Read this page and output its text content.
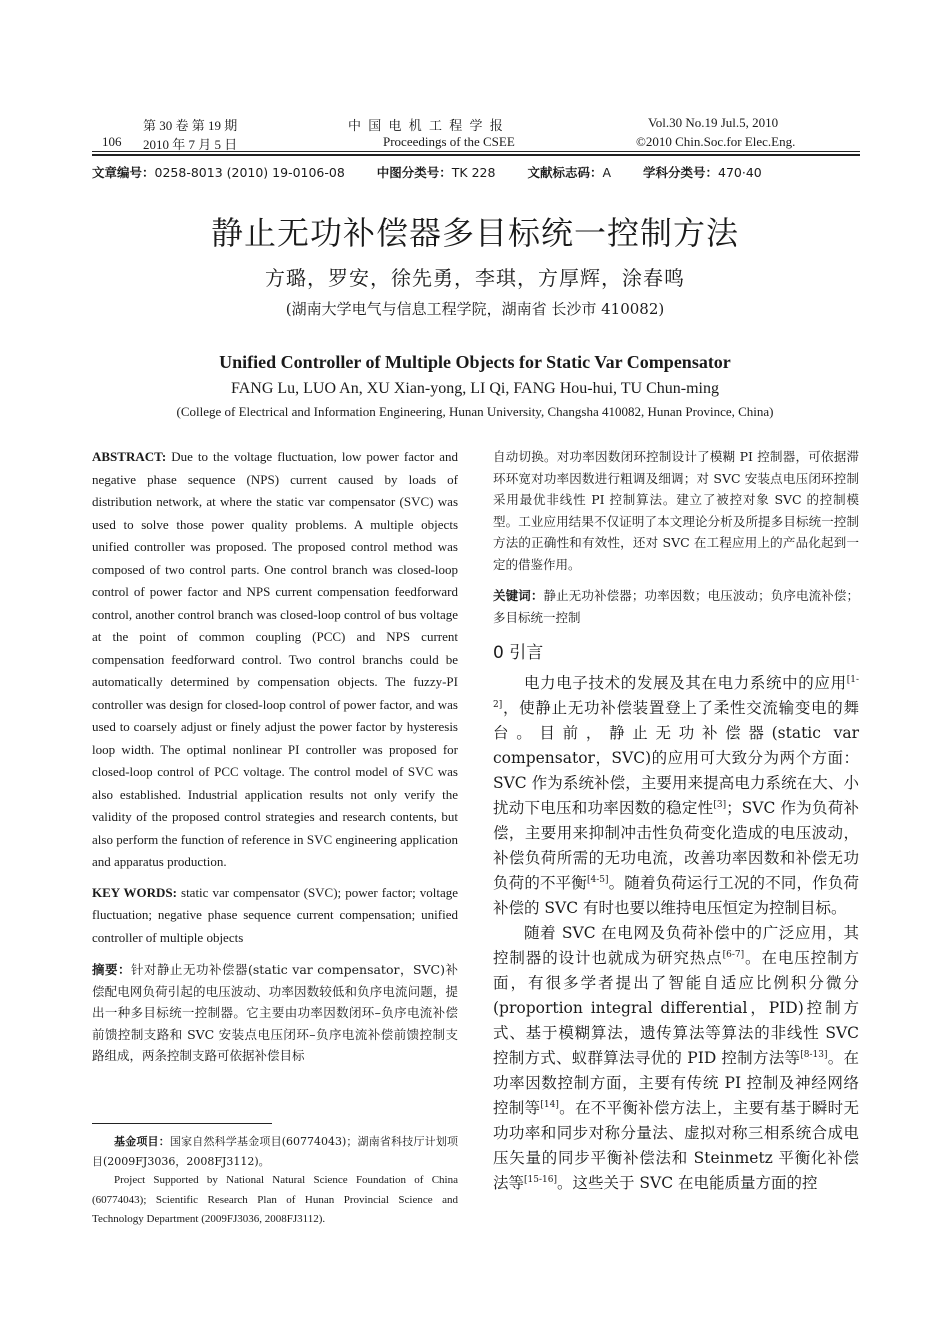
第 30 卷 第 19 期	中 国 电 机 工 程 学 报	Vol.30 No.19 Jul.5, 2010
106 2010 年 7 月 5 日	Proceedings of the CSEE	©2010 Chin.Soc.for Elec.Eng.
文章编号：0258-8013 (2010) 19-0106-08	中图分类号：TK 228	文献标志码：A	学科分类号：470·40
静止无功补偿器多目标统一控制方法
方璐，罗安，徐先勇，李琪，方厚辉，涂春鸣
(湖南大学电气与信息工程学院，湖南省 长沙市 410082)
Unified Controller of Multiple Objects for Static Var Compensator
FANG Lu, LUO An, XU Xian-yong, LI Qi, FANG Hou-hui, TU Chun-ming
(College of Electrical and Information Engineering, Hunan University, Changsha 410082, Hunan Province, China)

ABSTRACT: Due to the voltage fluctuation, low power factor and negative phase sequence (NPS) current caused by loads of distribution network, at where the static var compensator (SVC) was used to solve those power quality problems. A multiple objects unified controller was proposed. The proposed control method was composed of two control parts. One control branch was closed-loop control of power factor and NPS current compensation feedforward control, another control branch was closed-loop control of bus voltage at the point of common coupling (PCC) and NPS current compensation feedforward control. Two control branchs could be automatically determined by compensation objects. The fuzzy-PI controller was design for closed-loop control of power factor, and was used to coarsely adjust or finely adjust the power factor by hysteresis loop width. The optimal nonlinear PI controller was proposed for closed-loop control of PCC voltage. The control model of SVC was also established. Industrial application results not only verify the validity of the proposed control strategies and research contents, but also perform the function of reference in SVC engineering application and apparatus production.

KEY WORDS: static var compensator (SVC); power factor; voltage fluctuation; negative phase sequence current compensation; unified controller of multiple objects

摘要：针对静止无功补偿器(static var compensator，SVC)补偿配电网负荷引起的电压波动、功率因数较低和负序电流问题，提出一种多目标统一控制器。它主要由功率因数闭环–负序电流补偿前馈控制支路和 SVC 安装点电压闭环–负序电流补偿前馈控制支路组成，两条控制支路可依据补偿目标

基金项目：国家自然科学基金项目(60774043)；湖南省科技厅计划项目(2009FJ3036，2008FJ3112)。

Project Supported by National Natural Science Foundation of China (60774043); Scientific Research Plan of Hunan Provincial Science and Technology Department (2009FJ3036, 2008FJ3112).

自动切换。对功率因数闭环控制设计了模糊 PI 控制器，可依据滞环环宽对功率因数进行粗调及细调；对 SVC 安装点电压闭环控制采用最优非线性 PI 控制算法。建立了被控对象 SVC 的控制模型。工业应用结果不仅证明了本文理论分析及所提多目标统一控制方法的正确性和有效性，还对 SVC 在工程应用上的产品化起到一定的借鉴作用。

关键词：静止无功补偿器；功率因数；电压波动；负序电流补偿；多目标统一控制

0 引言

电力电子技术的发展及其在电力系统中的应用[1-2]，使静止无功补偿装置登上了柔性交流输变电的舞台。目前，静止无功补偿器(static var compensator，SVC)的应用可大致分为两个方面：SVC 作为系统补偿，主要用来提高电力系统在大、小扰动下电压和功率因数的稳定性[3]；SVC 作为负荷补偿，主要用来抑制冲击性负荷变化造成的电压波动，补偿负荷所需的无功电流，改善功率因数和补偿无功负荷的不平衡[4-5]。随着负荷运行工况的不同，作负荷补偿的 SVC 有时也要以维持电压恒定为控制目标。

随着 SVC 在电网及负荷补偿中的广泛应用，其控制器的设计也就成为研究热点[6-7]。在电压控制方面，有很多学者提出了智能自适应比例积分微分(proportion integral differential，PID)控制方式、基于模糊算法，遗传算法等算法的非线性 SVC 控制方式、蚁群算法寻优的 PID 控制方法等[8-13]。在功率因数控制方面，主要有传统 PI 控制及神经网络控制等[14]。在不平衡补偿方法上，主要有基于瞬时无功功率和同步对称分量法、虚拟对称三相系统合成电压矢量的同步平衡补偿法和 Steinmetz 平衡化补偿法等[15-16]。这些关于 SVC 在电能质量方面的控
